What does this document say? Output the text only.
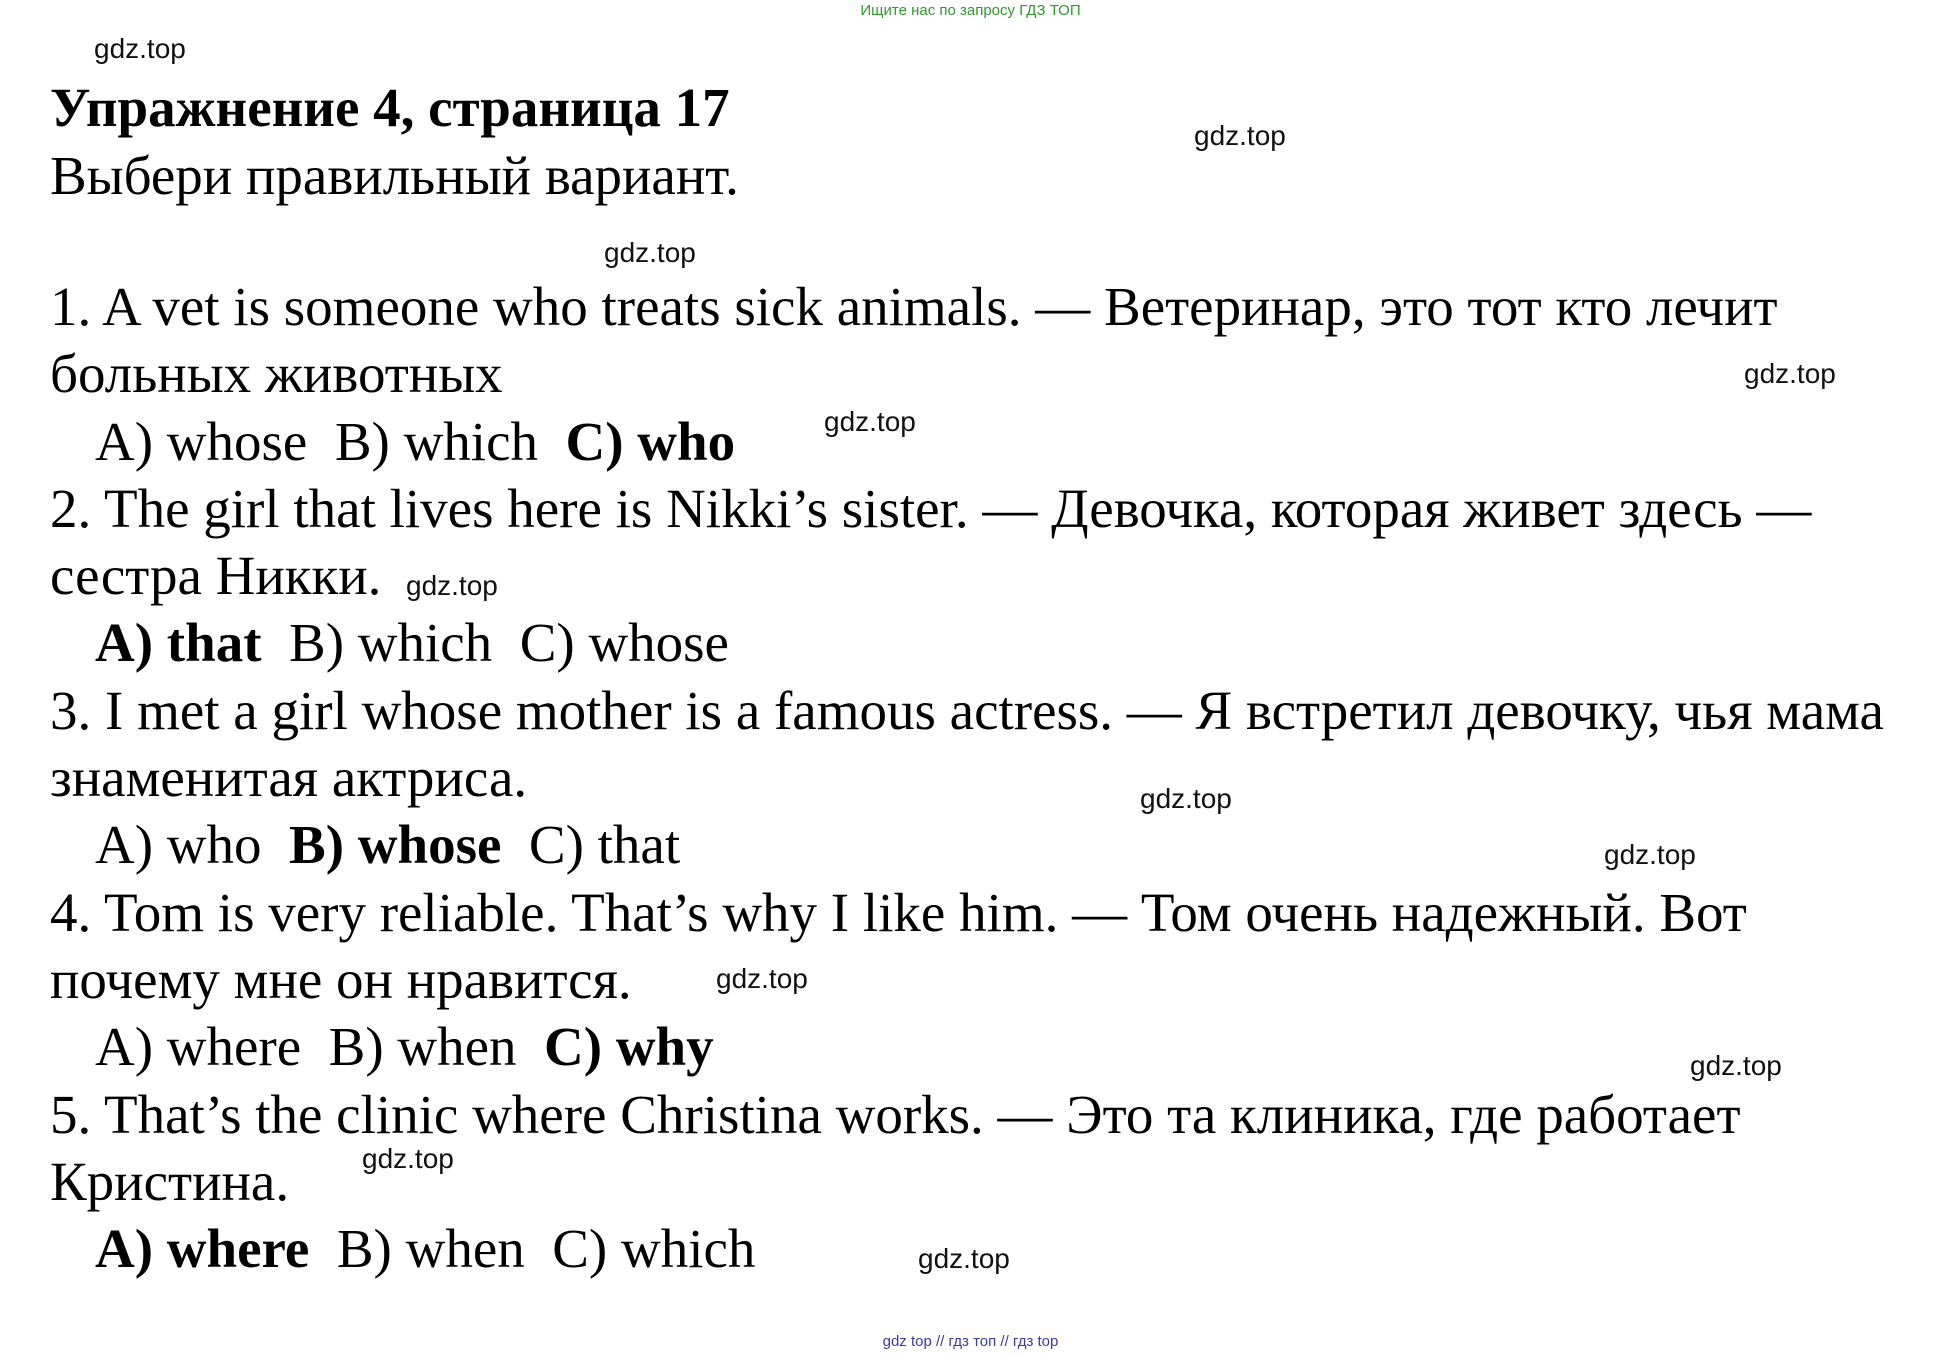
Ищите нас по запросу ГДЗ ТОП
gdz.top
gdz.top
gdz.top
gdz.top
gdz.top
gdz.top
gdz.top
gdz.top
gdz.top
gdz.top
gdz.top
gdz.top
Упражнение 4, страница 17
Выбери правильный вариант.

1. A vet is someone who treats sick animals. — Ветеринар, это тот кто лечит больных животных

A) whose B) which C) who

2. The girl that lives here is Nikki’s sister. — Девочка, которая живет здесь — сестра Никки.

A) that B) which C) whose

3. I met a girl whose mother is a famous actress. — Я встретил девочку, чья мама знаменитая актриса.

A) who B) whose C) that

4. Tom is very reliable. That’s why I like him. — Том очень надежный. Вот почему мне он нравится.

A) where B) when C) why

5. That’s the clinic where Christina works. — Это та клиника, где работает Кристина.

A) where B) when C) which

gdz top // гдз топ // гдз top
